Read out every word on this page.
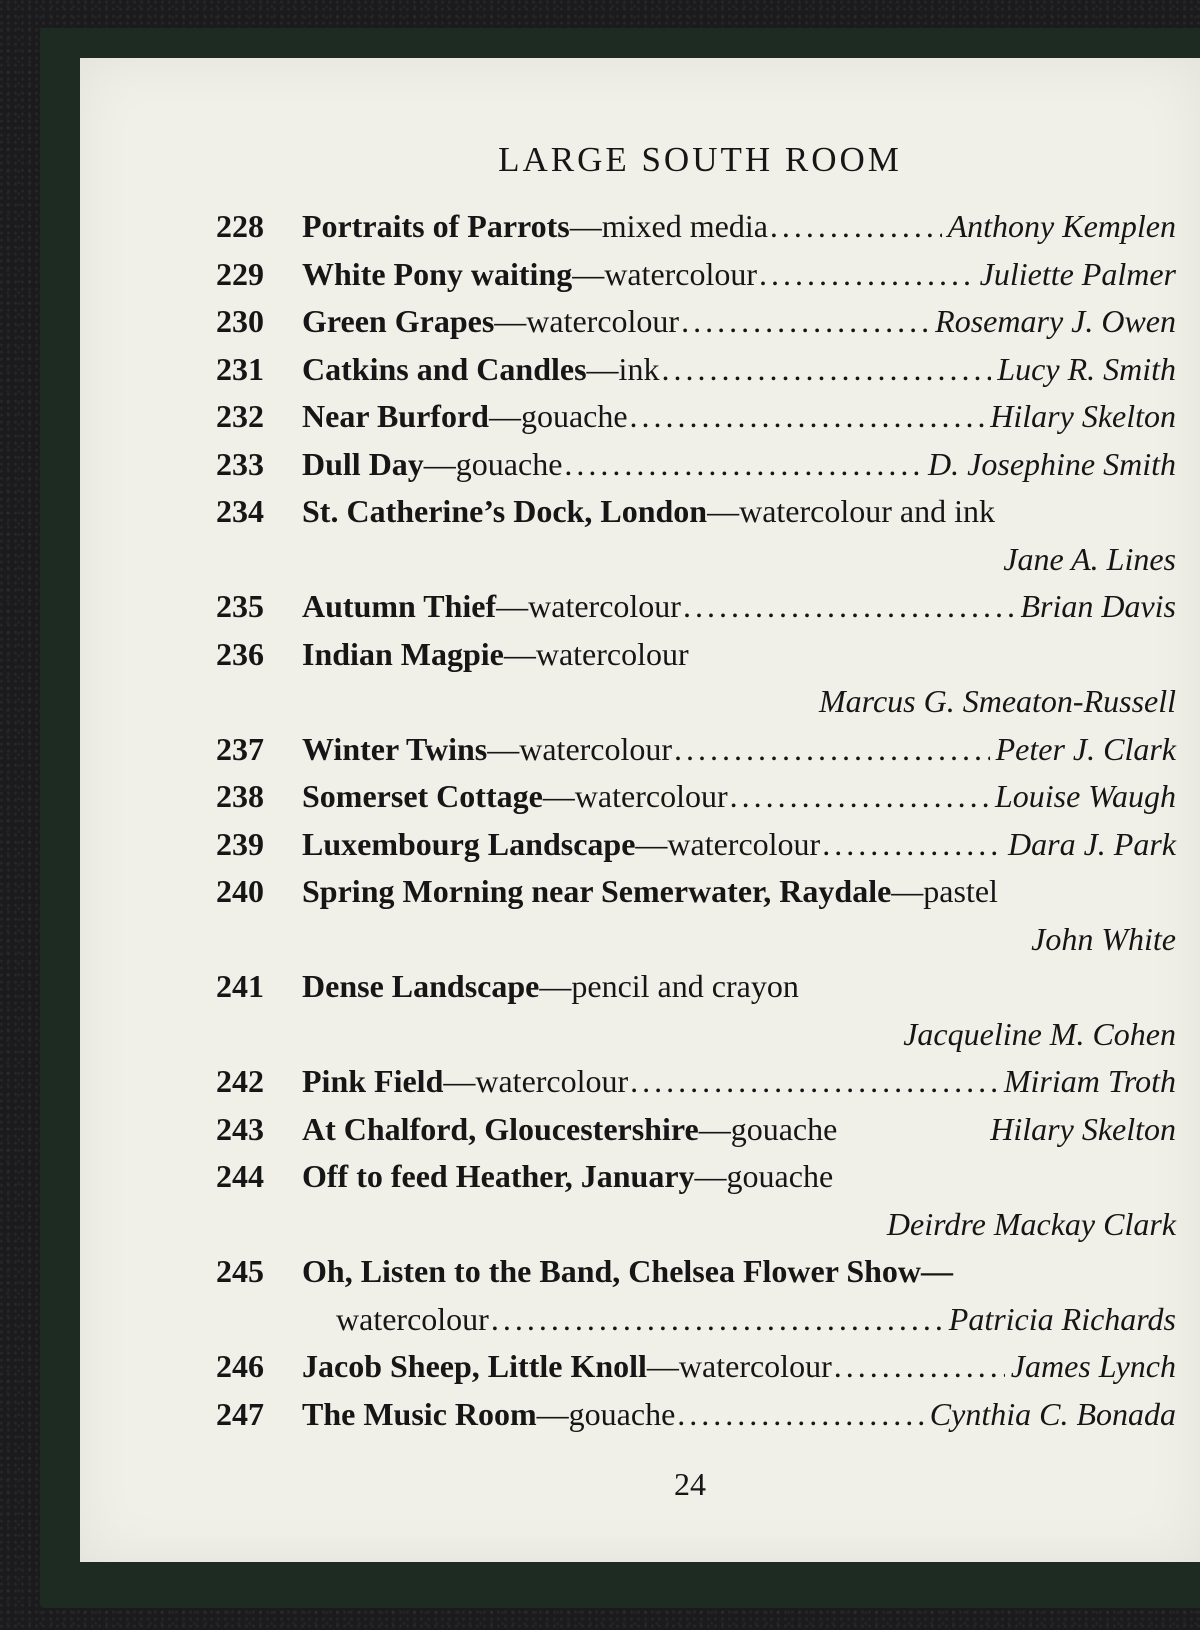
LARGE SOUTH ROOM
228	Portraits of Parrots —mixed media .....	Anthony Kemplen
229	White Pony waiting —watercolour .....	Juliette Palmer
230	Green Grapes —watercolour .....	Rosemary J. Owen
231	Catkins and Candles —ink .....	Lucy R. Smith
232	Near Burford —gouache .....	Hilary Skelton
233	Dull Day —gouache .....	D. Josephine Smith
234	St. Catherine’s Dock, London —watercolour and ink
Jane A. Lines
235	Autumn Thief —watercolour .....	Brian Davis
236	Indian Magpie —watercolour
Marcus G. Smeaton-Russell
237	Winter Twins —watercolour .....	Peter J. Clark
238	Somerset Cottage —watercolour .....	Louise Waugh
239	Luxembourg Landscape —watercolour .....	Dara J. Park
240	Spring Morning near Semerwater, Raydale —pastel
John White
241	Dense Landscape —pencil and crayon
Jacqueline M. Cohen
242	Pink Field —watercolour .....	Miriam Troth
243	At Chalford, Gloucestershire —gouache	Hilary Skelton
244	Off to feed Heather, January —gouache
Deirdre Mackay Clark
245	Oh, Listen to the Band, Chelsea Flower Show—
watercolour .....	Patricia Richards
246	Jacob Sheep, Little Knoll —watercolour .....	James Lynch
247	The Music Room —gouache .....	Cynthia C. Bonada
24
